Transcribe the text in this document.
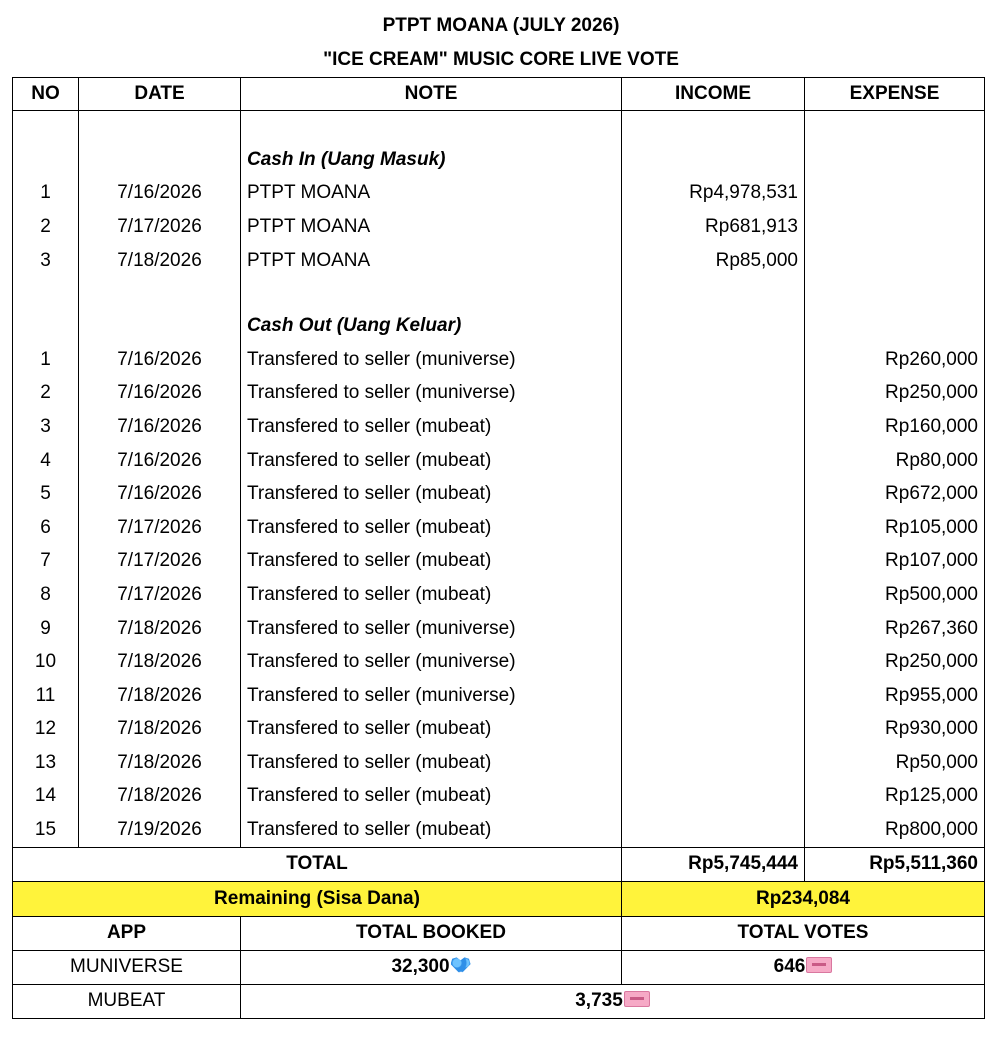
PTPT MOANA (JULY 2026)
"ICE CREAM" MUSIC CORE LIVE VOTE
NO	DATE	NOTE	INCOME	EXPENSE

		Cash In (Uang Masuk)		
1	7/16/2026	PTPT MOANA	Rp4,978,531	
2	7/17/2026	PTPT MOANA	Rp681,913	
3	7/18/2026	PTPT MOANA	Rp85,000	

		Cash Out (Uang Keluar)		
1	7/16/2026	Transfered to seller (muniverse)		Rp260,000
2	7/16/2026	Transfered to seller (muniverse)		Rp250,000
3	7/16/2026	Transfered to seller (mubeat)		Rp160,000
4	7/16/2026	Transfered to seller (mubeat)		Rp80,000
5	7/16/2026	Transfered to seller (mubeat)		Rp672,000
6	7/17/2026	Transfered to seller (mubeat)		Rp105,000
7	7/17/2026	Transfered to seller (mubeat)		Rp107,000
8	7/17/2026	Transfered to seller (mubeat)		Rp500,000
9	7/18/2026	Transfered to seller (muniverse)		Rp267,360
10	7/18/2026	Transfered to seller (muniverse)		Rp250,000
11	7/18/2026	Transfered to seller (muniverse)		Rp955,000
12	7/18/2026	Transfered to seller (mubeat)		Rp930,000
13	7/18/2026	Transfered to seller (mubeat)		Rp50,000
14	7/18/2026	Transfered to seller (mubeat)		Rp125,000
15	7/19/2026	Transfered to seller (mubeat)		Rp800,000
TOTAL			Rp5,745,444	Rp5,511,360
Remaining (Sisa Dana)			Rp234,084	
APP		TOTAL BOOKED	TOTAL VOTES	
MUNIVERSE		32,300	646	
MUBEAT		3,735		
